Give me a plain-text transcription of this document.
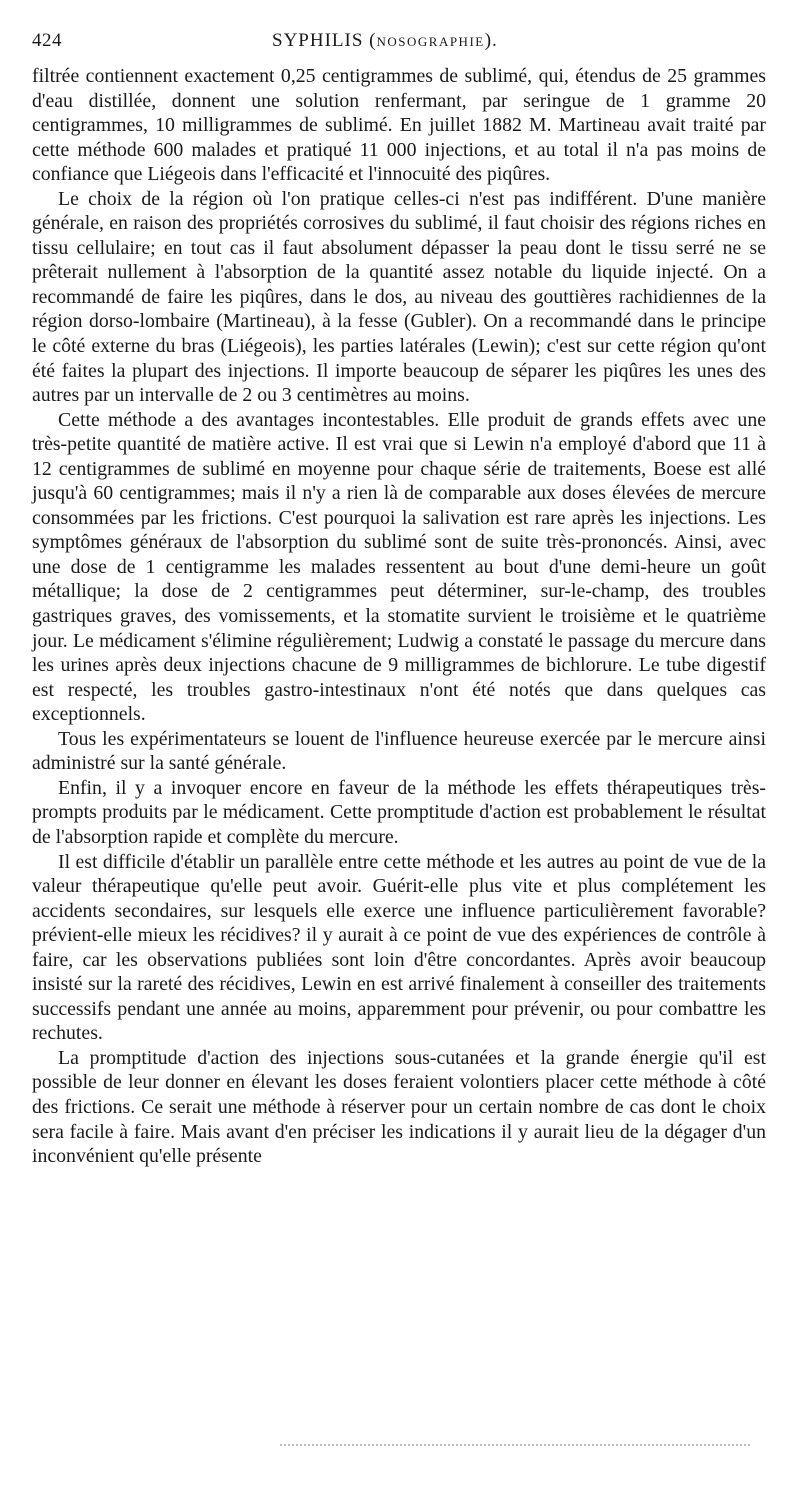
424	SYPHILIS (NOSOGRAPHIE).

filtrée contiennent exactement 0,25 centigrammes de sublimé, qui, étendus de 25 grammes d'eau distillée, donnent une solution renfermant, par seringue de 1 gramme 20 centigrammes, 10 milligrammes de sublimé. En juillet 1882 M. Martineau avait traité par cette méthode 600 malades et pratiqué 11 000 injections, et au total il n'a pas moins de confiance que Liégeois dans l'efficacité et l'innocuité des piqûres.

Le choix de la région où l'on pratique celles-ci n'est pas indifférent. D'une manière générale, en raison des propriétés corrosives du sublimé, il faut choisir des régions riches en tissu cellulaire; en tout cas il faut absolument dépasser la peau dont le tissu serré ne se prêterait nullement à l'absorption de la quantité assez notable du liquide injecté. On a recommandé de faire les piqûres, dans le dos, au niveau des gouttières rachidiennes de la région dorso-lombaire (Martineau), à la fesse (Gubler). On a recommandé dans le principe le côté externe du bras (Liégeois), les parties latérales (Lewin); c'est sur cette région qu'ont été faites la plupart des injections. Il importe beaucoup de séparer les piqûres les unes des autres par un intervalle de 2 ou 3 centimètres au moins.

Cette méthode a des avantages incontestables. Elle produit de grands effets avec une très-petite quantité de matière active. Il est vrai que si Lewin n'a employé d'abord que 11 à 12 centigrammes de sublimé en moyenne pour chaque série de traitements, Boese est allé jusqu'à 60 centigrammes; mais il n'y a rien là de comparable aux doses élevées de mercure consommées par les frictions. C'est pourquoi la salivation est rare après les injections. Les symptômes généraux de l'absorption du sublimé sont de suite très-prononcés. Ainsi, avec une dose de 1 centigramme les malades ressentent au bout d'une demi-heure un goût métallique; la dose de 2 centigrammes peut déterminer, sur-le-champ, des troubles gastriques graves, des vomissements, et la stomatite survient le troisième et le quatrième jour. Le médicament s'élimine régulièrement; Ludwig a constaté le passage du mercure dans les urines après deux injections chacune de 9 milligrammes de bichlorure. Le tube digestif est respecté, les troubles gastro-intestinaux n'ont été notés que dans quelques cas exceptionnels.

Tous les expérimentateurs se louent de l'influence heureuse exercée par le mercure ainsi administré sur la santé générale.

Enfin, il y a invoquer encore en faveur de la méthode les effets thérapeutiques très-prompts produits par le médicament. Cette promptitude d'action est probablement le résultat de l'absorption rapide et complète du mercure.

Il est difficile d'établir un parallèle entre cette méthode et les autres au point de vue de la valeur thérapeutique qu'elle peut avoir. Guérit-elle plus vite et plus complétement les accidents secondaires, sur lesquels elle exerce une influence particulièrement favorable? prévient-elle mieux les récidives? il y aurait à ce point de vue des expériences de contrôle à faire, car les observations publiées sont loin d'être concordantes. Après avoir beaucoup insisté sur la rareté des récidives, Lewin en est arrivé finalement à conseiller des traitements successifs pendant une année au moins, apparemment pour prévenir, ou pour combattre les rechutes.

La promptitude d'action des injections sous-cutanées et la grande énergie qu'il est possible de leur donner en élevant les doses feraient volontiers placer cette méthode à côté des frictions. Ce serait une méthode à réserver pour un certain nombre de cas dont le choix sera facile à faire. Mais avant d'en préciser les indications il y aurait lieu de la dégager d'un inconvénient qu'elle présente
